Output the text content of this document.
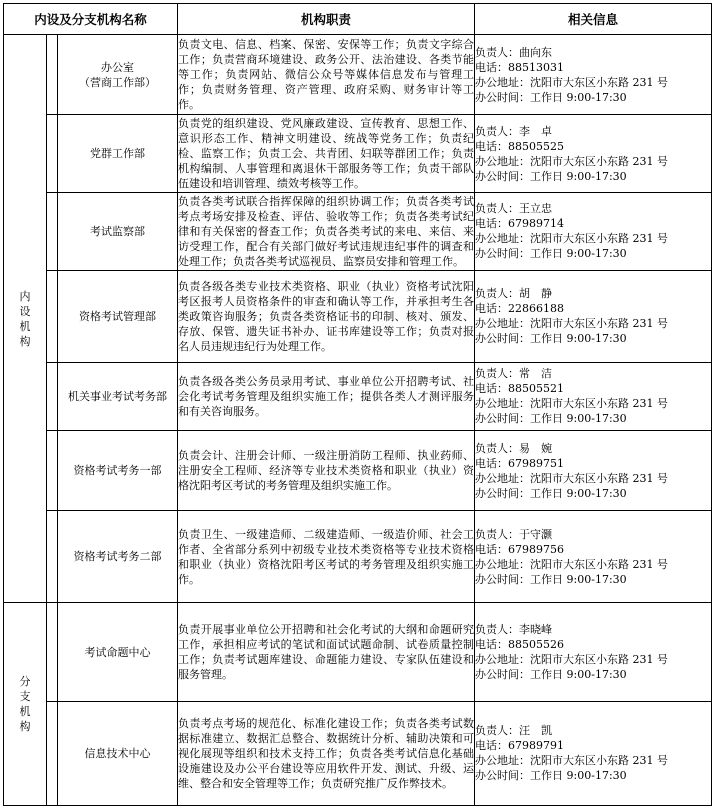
内设及分支机构名称			机构职责	相关信息
内设机构		办公室
（营商工作部）	负责文电、信息、档案、保密、安保等工作；负责文字综合工作；负责营商环境建设、政务公开、法治建设、各类节能等工作；负责网站、微信公众号等媒体信息发布与管理工作；负责财务管理、资产管理、政府采购、财务审计等工作。	负责人：曲向东
电话：88513031
办公地址：沈阳市大东区小东路 231 号
办公时间：工作日 9:00-17:30

		党群工作部	负责党的组织建设、党风廉政建设、宣传教育、思想工作、意识形态工作、精神文明建设、统战等党务工作；负责纪检、监察工作；负责工会、共青团、妇联等群团工作；负责机构编制、人事管理和离退休干部服务等工作；负责干部队伍建设和培训管理、绩效考核等工作。	负责人：李　卓
电话：88505525
办公地址：沈阳市大东区小东路 231 号
办公时间：工作日 9:00-17:30

		考试监察部	负责各类考试联合指挥保障的组织协调工作；负责各类考试考点考场安排及检查、评估、验收等工作；负责各类考试纪律和有关保密的督查工作；负责各类考试的来电、来信、来访受理工作，配合有关部门做好考试违规违纪事件的调查和处理工作；负责各类考试巡视员、监察员安排和管理工作。	负责人：王立忠
电话：67989714
办公地址：沈阳市大东区小东路 231 号
办公时间：工作日 9:00-17:30

		资格考试管理部	负责各级各类专业技术类资格、职业（执业）资格考试沈阳考区报考人员资格条件的审查和确认等工作，并承担考生各类政策咨询服务；负责各类资格证书的印制、核对、颁发、存放、保管、遗失证书补办、证书库建设等工作；负责对报名人员违规违纪行为处理工作。	负责人：胡　静
电话：22866188
办公地址：沈阳市大东区小东路 231 号
办公时间：工作日 9:00-17:30

		机关事业考试考务部	负责各级各类公务员录用考试、事业单位公开招聘考试、社会化考试考务管理及组织实施工作；提供各类人才测评服务和有关咨询服务。	负责人：常　洁
电话：88505521
办公地址：沈阳市大东区小东路 231 号
办公时间：工作日 9:00-17:30

		资格考试考务一部	负责会计、注册会计师、一级注册消防工程师、执业药师、注册安全工程师、经济等专业技术类资格和职业（执业）资格沈阳考区考试的考务管理及组织实施工作。	负责人：易　婉
电话：67989751
办公地址：沈阳市大东区小东路 231 号
办公时间：工作日 9:00-17:30

		资格考试考务二部	负责卫生、一级建造师、二级建造师、一级造价师、社会工作者、全省部分系列中初级专业技术类资格等专业技术资格和职业（执业）资格沈阳考区考试的考务管理及组织实施工作。	负责人：于守灏
电话：67989756
办公地址：沈阳市大东区小东路 231 号
办公时间：工作日 9:00-17:30

分支机构		考试命题中心	负责开展事业单位公开招聘和社会化考试的大纲和命题研究工作，承担相应考试的笔试和面试试题命制、试卷质量控制工作；负责考试题库建设、命题能力建设、专家队伍建设和服务管理。	负责人：李晓峰
电话：88505526
办公地址：沈阳市大东区小东路 231 号
办公时间：工作日 9:00-17:30

		信息技术中心	负责考点考场的规范化、标准化建设工作；负责各类考试数据标准建立、数据汇总整合、数据统计分析、辅助决策和可视化展现等组织和技术支持工作；负责各类考试信息化基础设施建设及办公平台建设等应用软件开发、测试、升级、运维、整合和安全管理等工作；负责研究推广反作弊技术。	负责人：汪　凯
电话：67989791
办公地址：沈阳市大东区小东路 231 号
办公时间：工作日 9:00-17:30
